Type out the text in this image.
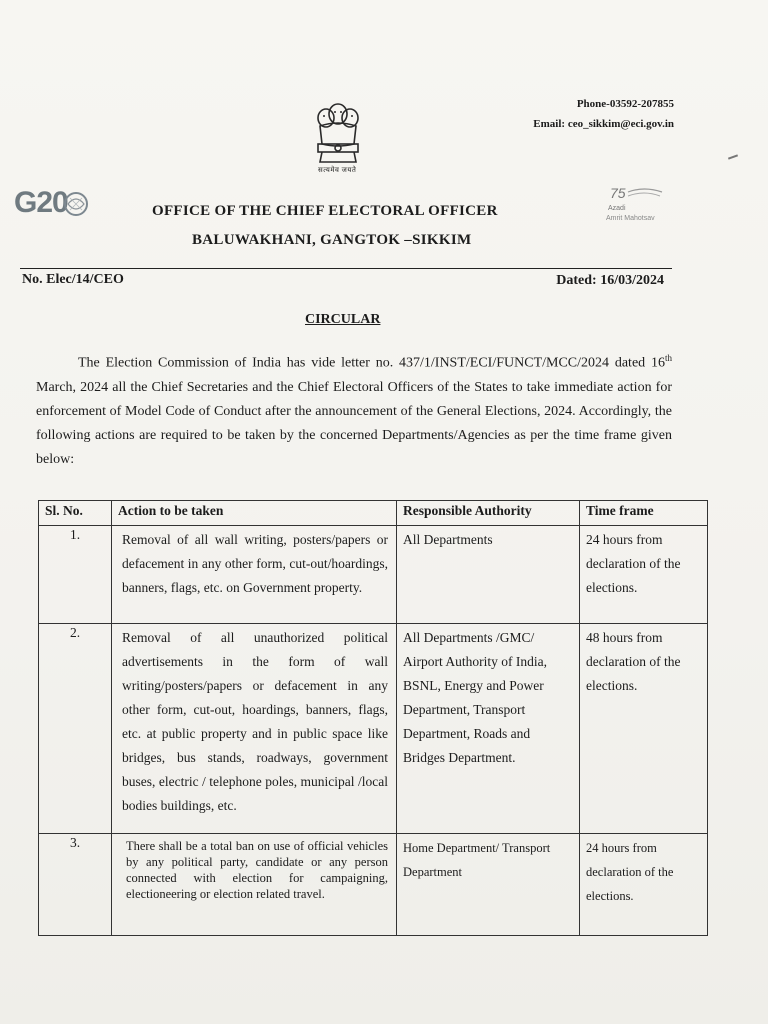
Phone-03592-207855
Email: ceo_sikkim@eci.gov.in
सत्यमेव जयते
G20	75
Azadi
Amrit Mahotsav
OFFICE OF THE CHIEF ELECTORAL OFFICER
BALUWAKHANI, GANGTOK –SIKKIM
No. Elec/14/CEO	Dated: 16/03/2024
CIRCULAR
The Election Commission of India has vide letter no. 437/1/INST/ECI/FUNCT/MCC/2024 dated 16th March, 2024 all the Chief Secretaries and the Chief Electoral Officers of the States to take immediate action for enforcement of Model Code of Conduct after the announcement of the General Elections, 2024. Accordingly, the following actions are required to be taken by the concerned Departments/Agencies as per the time frame given below:
Sl. No.	Action to be taken	Responsible Authority	Time frame
1.	Removal of all wall writing, posters/papers or defacement in any other form, cut-out/hoardings, banners, flags, etc. on Government property.	All Departments	24 hours from declaration of the elections.
2.	Removal of all unauthorized political advertisements in the form of wall writing/posters/papers or defacement in any other form, cut-out, hoardings, banners, flags, etc. at public property and in public space like bridges, bus stands, roadways, government buses, electric / telephone poles, municipal /local bodies buildings, etc.	All Departments /GMC/ Airport Authority of India, BSNL, Energy and Power Department, Transport Department, Roads and Bridges Department.	48 hours from declaration of the elections.
3.	There shall be a total ban on use of official vehicles by any political party, candidate or any person connected with election for campaigning, electioneering or election related travel.	Home Department/ Transport Department	24 hours from declaration of the elections.
